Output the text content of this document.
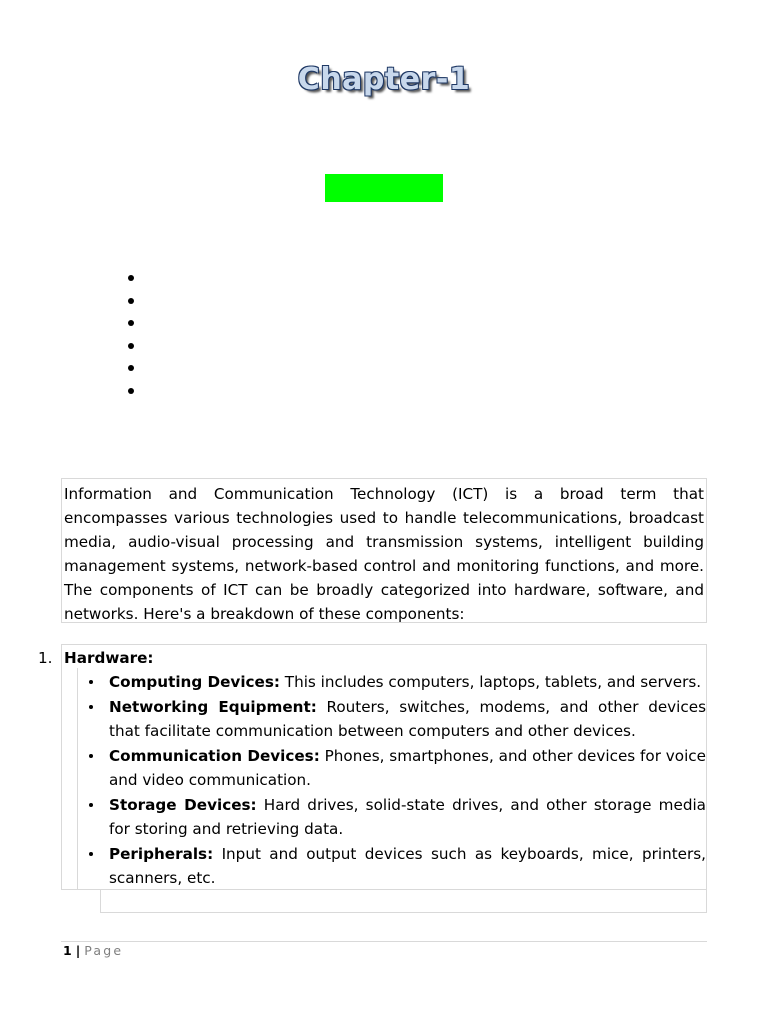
Chapter-1
Information and Communication Technology (ICT) is a broad term that encompasses various technologies used to handle telecommunications, broadcast media, audio-visual processing and transmission systems, intelligent building management systems, network-based control and monitoring functions, and more. The components of ICT can be broadly categorized into hardware, software, and networks. Here's a breakdown of these components:
1. Hardware:
Computing Devices: This includes computers, laptops, tablets, and servers.
Networking Equipment: Routers, switches, modems, and other devices that facilitate communication between computers and other devices.
Communication Devices: Phones, smartphones, and other devices for voice and video communication.
Storage Devices: Hard drives, solid-state drives, and other storage media for storing and retrieving data.
Peripherals: Input and output devices such as keyboards, mice, printers, scanners, etc.
1 | Page
